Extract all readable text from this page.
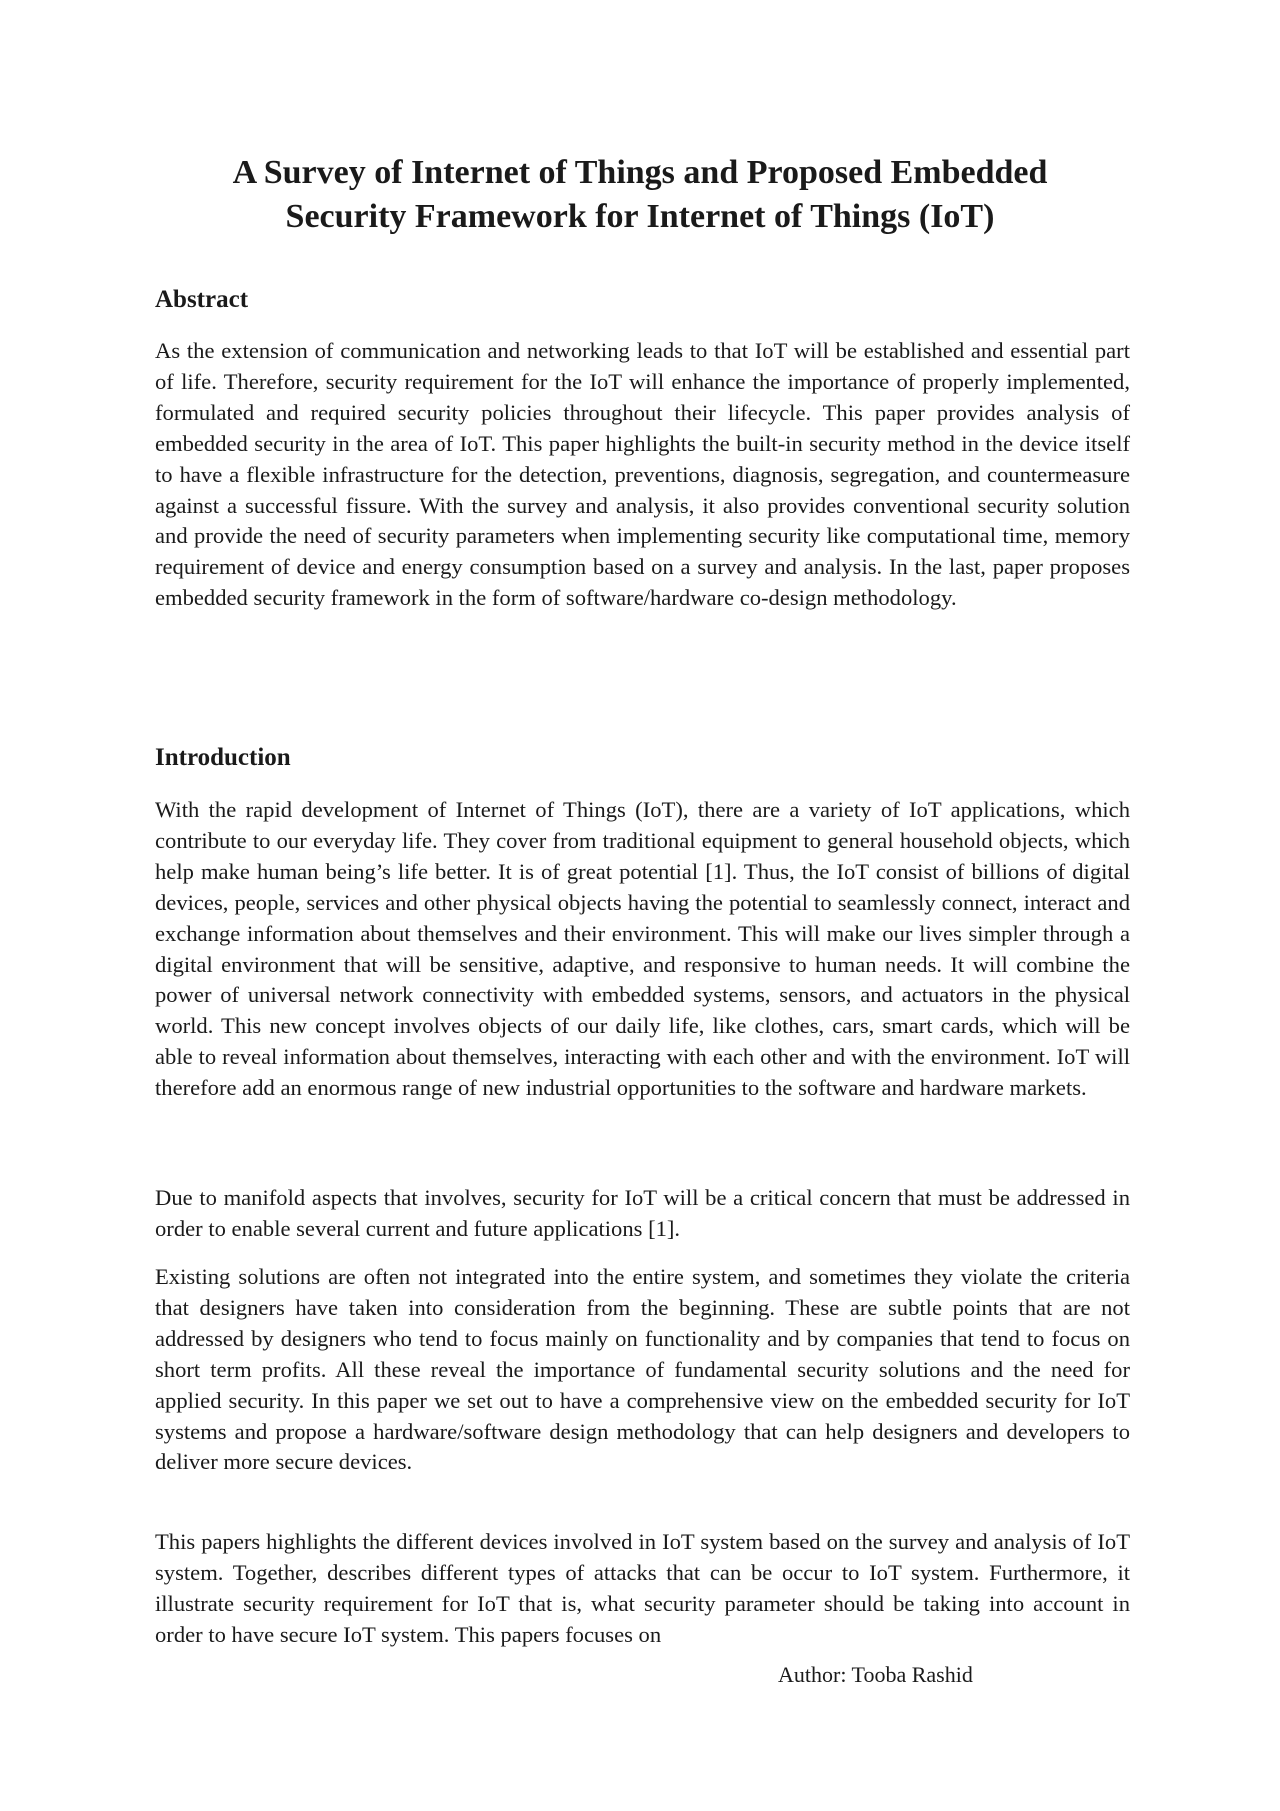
A Survey of Internet of Things and Proposed Embedded
Security Framework for Internet of Things (IoT)
Abstract

As the extension of communication and networking leads to that IoT will be established and essential part of life. Therefore, security requirement for the IoT will enhance the importance of properly implemented, formulated and required security policies throughout their lifecycle. This paper provides analysis of embedded security in the area of IoT. This paper highlights the built-in security method in the device itself to have a flexible infrastructure for the detection, preventions, diagnosis, segregation, and countermeasure against a successful fissure. With the survey and analysis, it also provides conventional security solution and provide the need of security parameters when implementing security like computational time, memory requirement of device and energy consumption based on a survey and analysis. In the last, paper proposes embedded security framework in the form of software/hardware co-design methodology.

Introduction

With the rapid development of Internet of Things (IoT), there are a variety of IoT applications, which contribute to our everyday life. They cover from traditional equipment to general household objects, which help make human being’s life better. It is of great potential [1]. Thus, the IoT consist of billions of digital devices, people, services and other physical objects having the potential to seamlessly connect, interact and exchange information about themselves and their environment. This will make our lives simpler through a digital environment that will be sensitive, adaptive, and responsive to human needs. It will combine the power of universal network connectivity with embedded systems, sensors, and actuators in the physical world. This new concept involves objects of our daily life, like clothes, cars, smart cards, which will be able to reveal information about themselves, interacting with each other and with the environment. IoT will therefore add an enormous range of new industrial opportunities to the software and hardware markets.

Due to manifold aspects that involves, security for IoT will be a critical concern that must be addressed in order to enable several current and future applications [1].

Existing solutions are often not integrated into the entire system, and sometimes they violate the criteria that designers have taken into consideration from the beginning. These are subtle points that are not addressed by designers who tend to focus mainly on functionality and by companies that tend to focus on short term profits. All these reveal the importance of fundamental security solutions and the need for applied security. In this paper we set out to have a comprehensive view on the embedded security for IoT systems and propose a hardware/software design methodology that can help designers and developers to deliver more secure devices.

This papers highlights the different devices involved in IoT system based on the survey and analysis of IoT system. Together, describes different types of attacks that can be occur to IoT system. Furthermore, it illustrate security requirement for IoT that is, what security parameter should be taking into account in order to have secure IoT system. This papers focuses on

Author: Tooba Rashid
